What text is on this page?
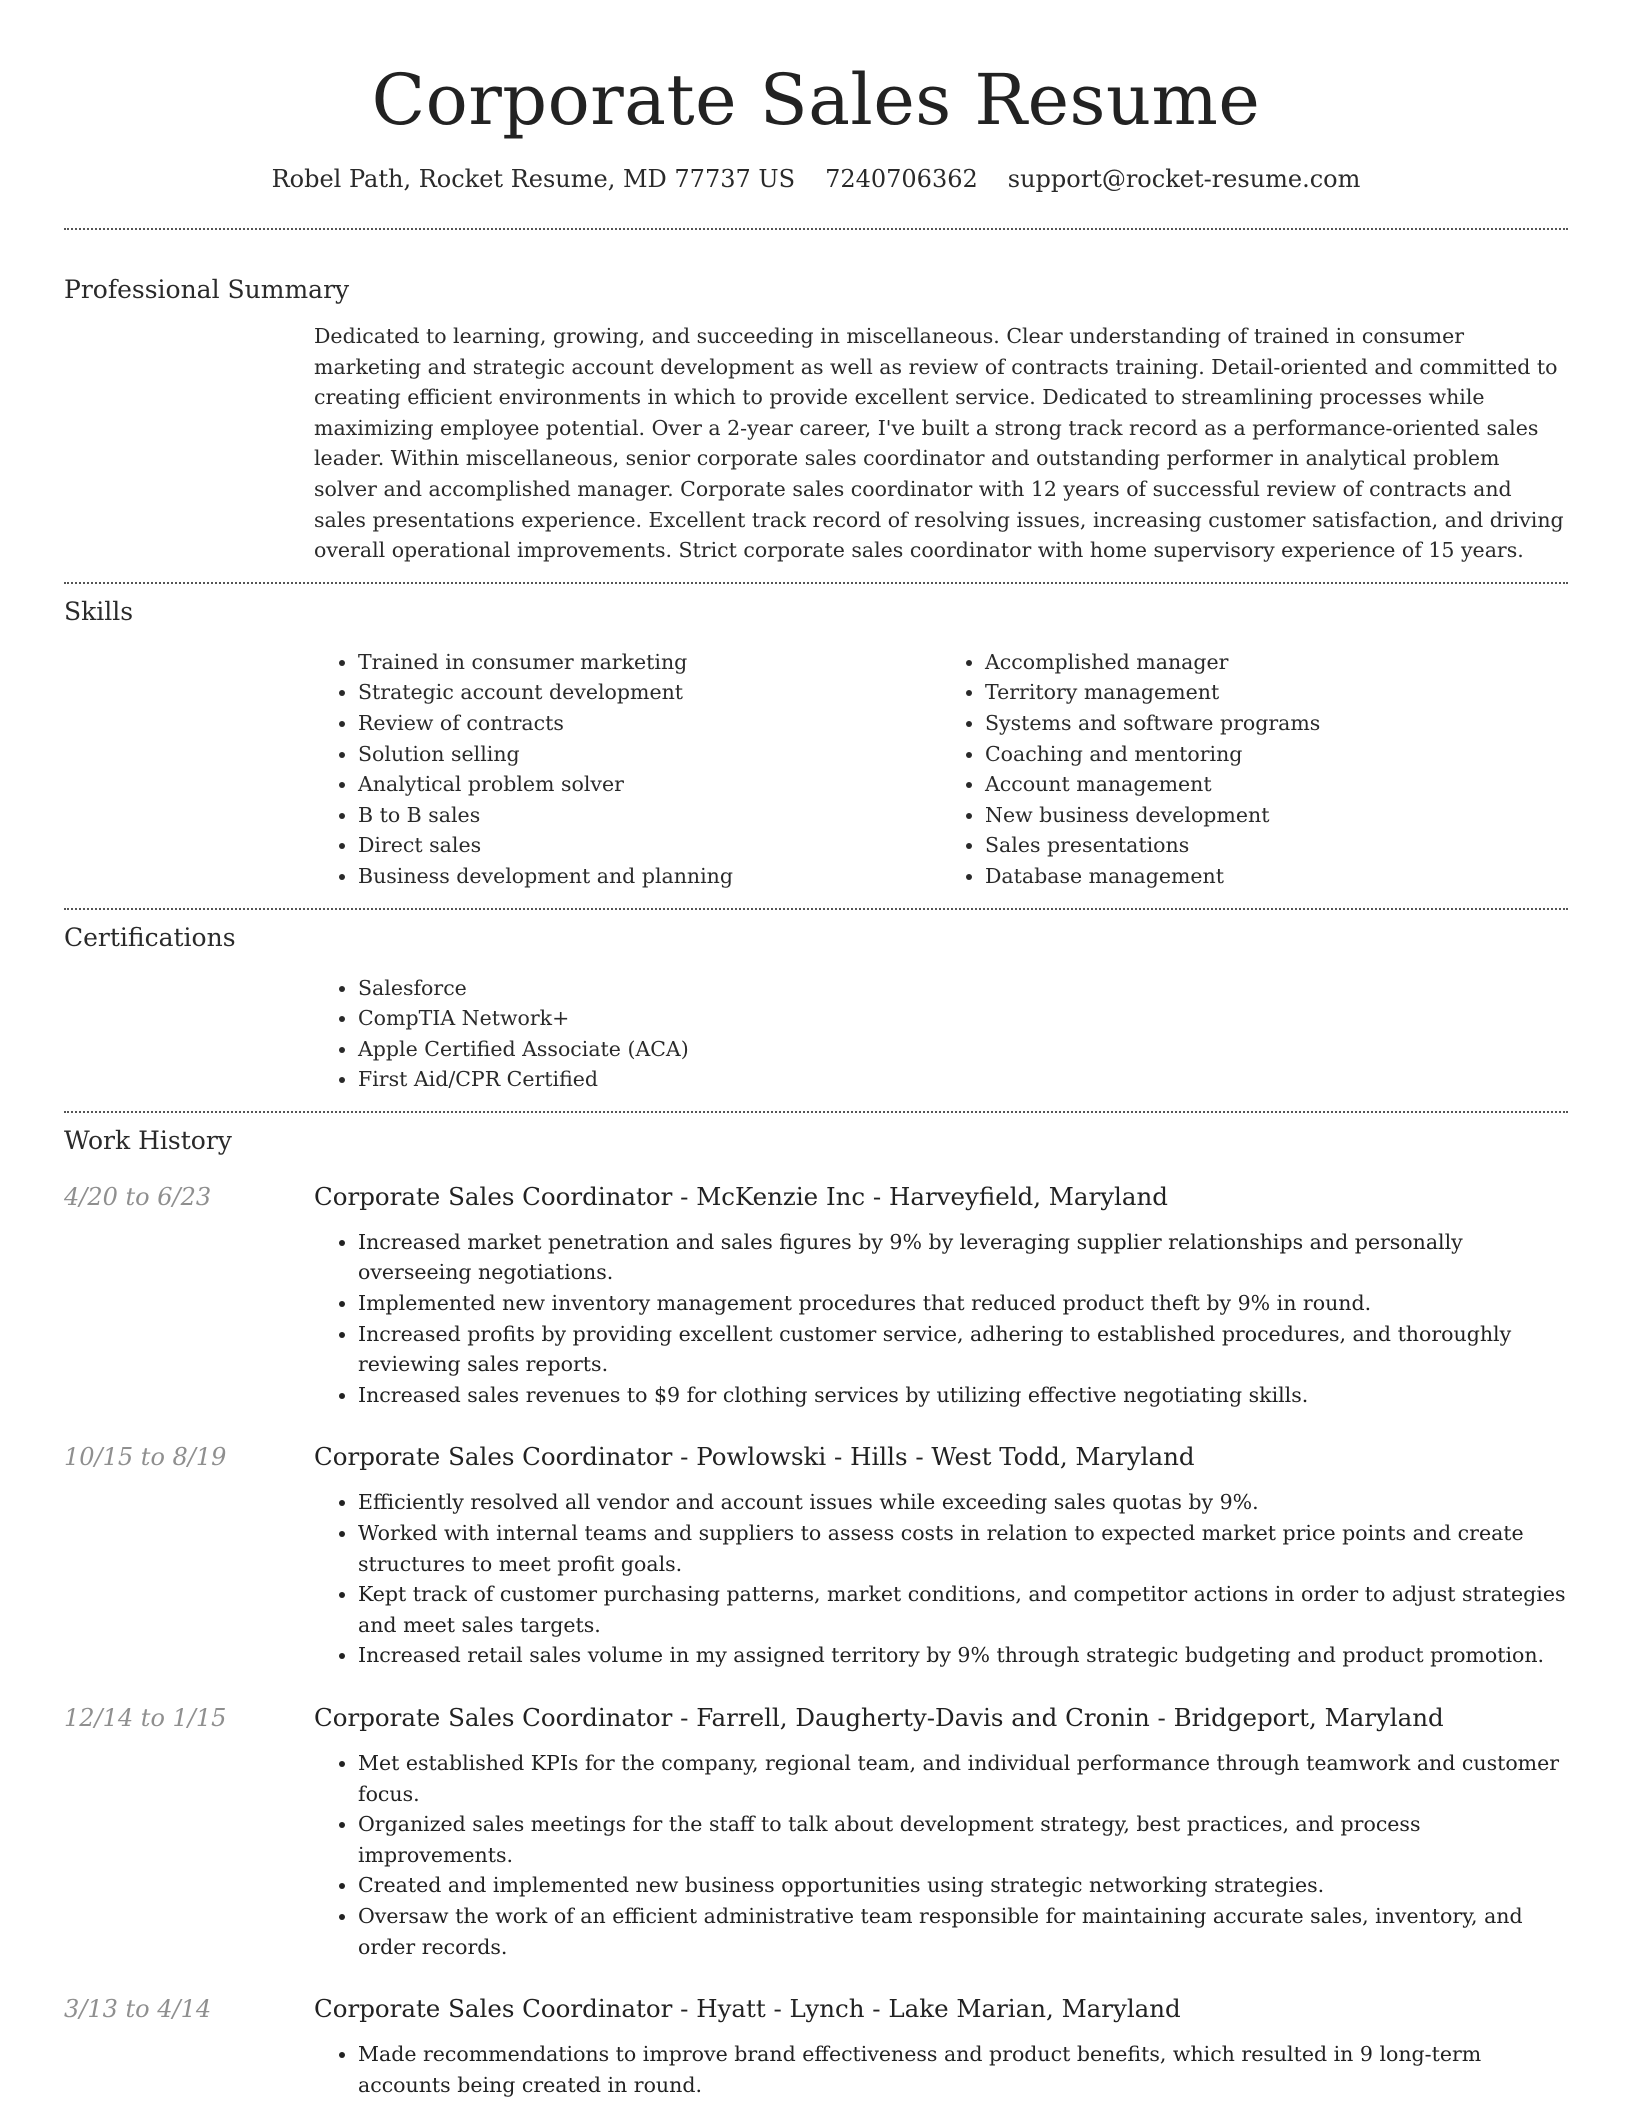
Corporate Sales Resume
Robel Path, Rocket Resume, MD 77737 US 7240706362 support@rocket-resume.com
Professional Summary

Dedicated to learning, growing, and succeeding in miscellaneous. Clear understanding of trained in consumer marketing and strategic account development as well as review of contracts training. Detail-oriented and committed to creating efficient environments in which to provide excellent service. Dedicated to streamlining processes while maximizing employee potential. Over a 2-year career, I've built a strong track record as a performance-oriented sales leader. Within miscellaneous, senior corporate sales coordinator and outstanding performer in analytical problem solver and accomplished manager. Corporate sales coordinator with 12 years of successful review of contracts and sales presentations experience. Excellent track record of resolving issues, increasing customer satisfaction, and driving overall operational improvements. Strict corporate sales coordinator with home supervisory experience of 15 years.

Skills
• Trained in consumer marketing
• Strategic account development
• Review of contracts
• Solution selling
• Analytical problem solver
• B to B sales
• Direct sales
• Business development and planning
• Accomplished manager
• Territory management
• Systems and software programs
• Coaching and mentoring
• Account management
• New business development
• Sales presentations
• Database management
Certifications
• Salesforce
• CompTIA Network+
• Apple Certified Associate (ACA)
• First Aid/CPR Certified
Work History
4/20 to 6/23	Corporate Sales Coordinator - McKenzie Inc - Harveyfield, Maryland
• Increased market penetration and sales figures by 9% by leveraging supplier relationships and personally overseeing negotiations.
• Implemented new inventory management procedures that reduced product theft by 9% in round.
• Increased profits by providing excellent customer service, adhering to established procedures, and thoroughly reviewing sales reports.
• Increased sales revenues to $9 for clothing services by utilizing effective negotiating skills.
10/15 to 8/19	Corporate Sales Coordinator - Powlowski - Hills - West Todd, Maryland
• Efficiently resolved all vendor and account issues while exceeding sales quotas by 9%.
• Worked with internal teams and suppliers to assess costs in relation to expected market price points and create structures to meet profit goals.
• Kept track of customer purchasing patterns, market conditions, and competitor actions in order to adjust strategies and meet sales targets.
• Increased retail sales volume in my assigned territory by 9% through strategic budgeting and product promotion.
12/14 to 1/15	Corporate Sales Coordinator - Farrell, Daugherty-Davis and Cronin - Bridgeport, Maryland
• Met established KPIs for the company, regional team, and individual performance through teamwork and customer focus.
• Organized sales meetings for the staff to talk about development strategy, best practices, and process improvements.
• Created and implemented new business opportunities using strategic networking strategies.
• Oversaw the work of an efficient administrative team responsible for maintaining accurate sales, inventory, and order records.
3/13 to 4/14	Corporate Sales Coordinator - Hyatt - Lynch - Lake Marian, Maryland
• Made recommendations to improve brand effectiveness and product benefits, which resulted in 9 long-term accounts being created in round.
